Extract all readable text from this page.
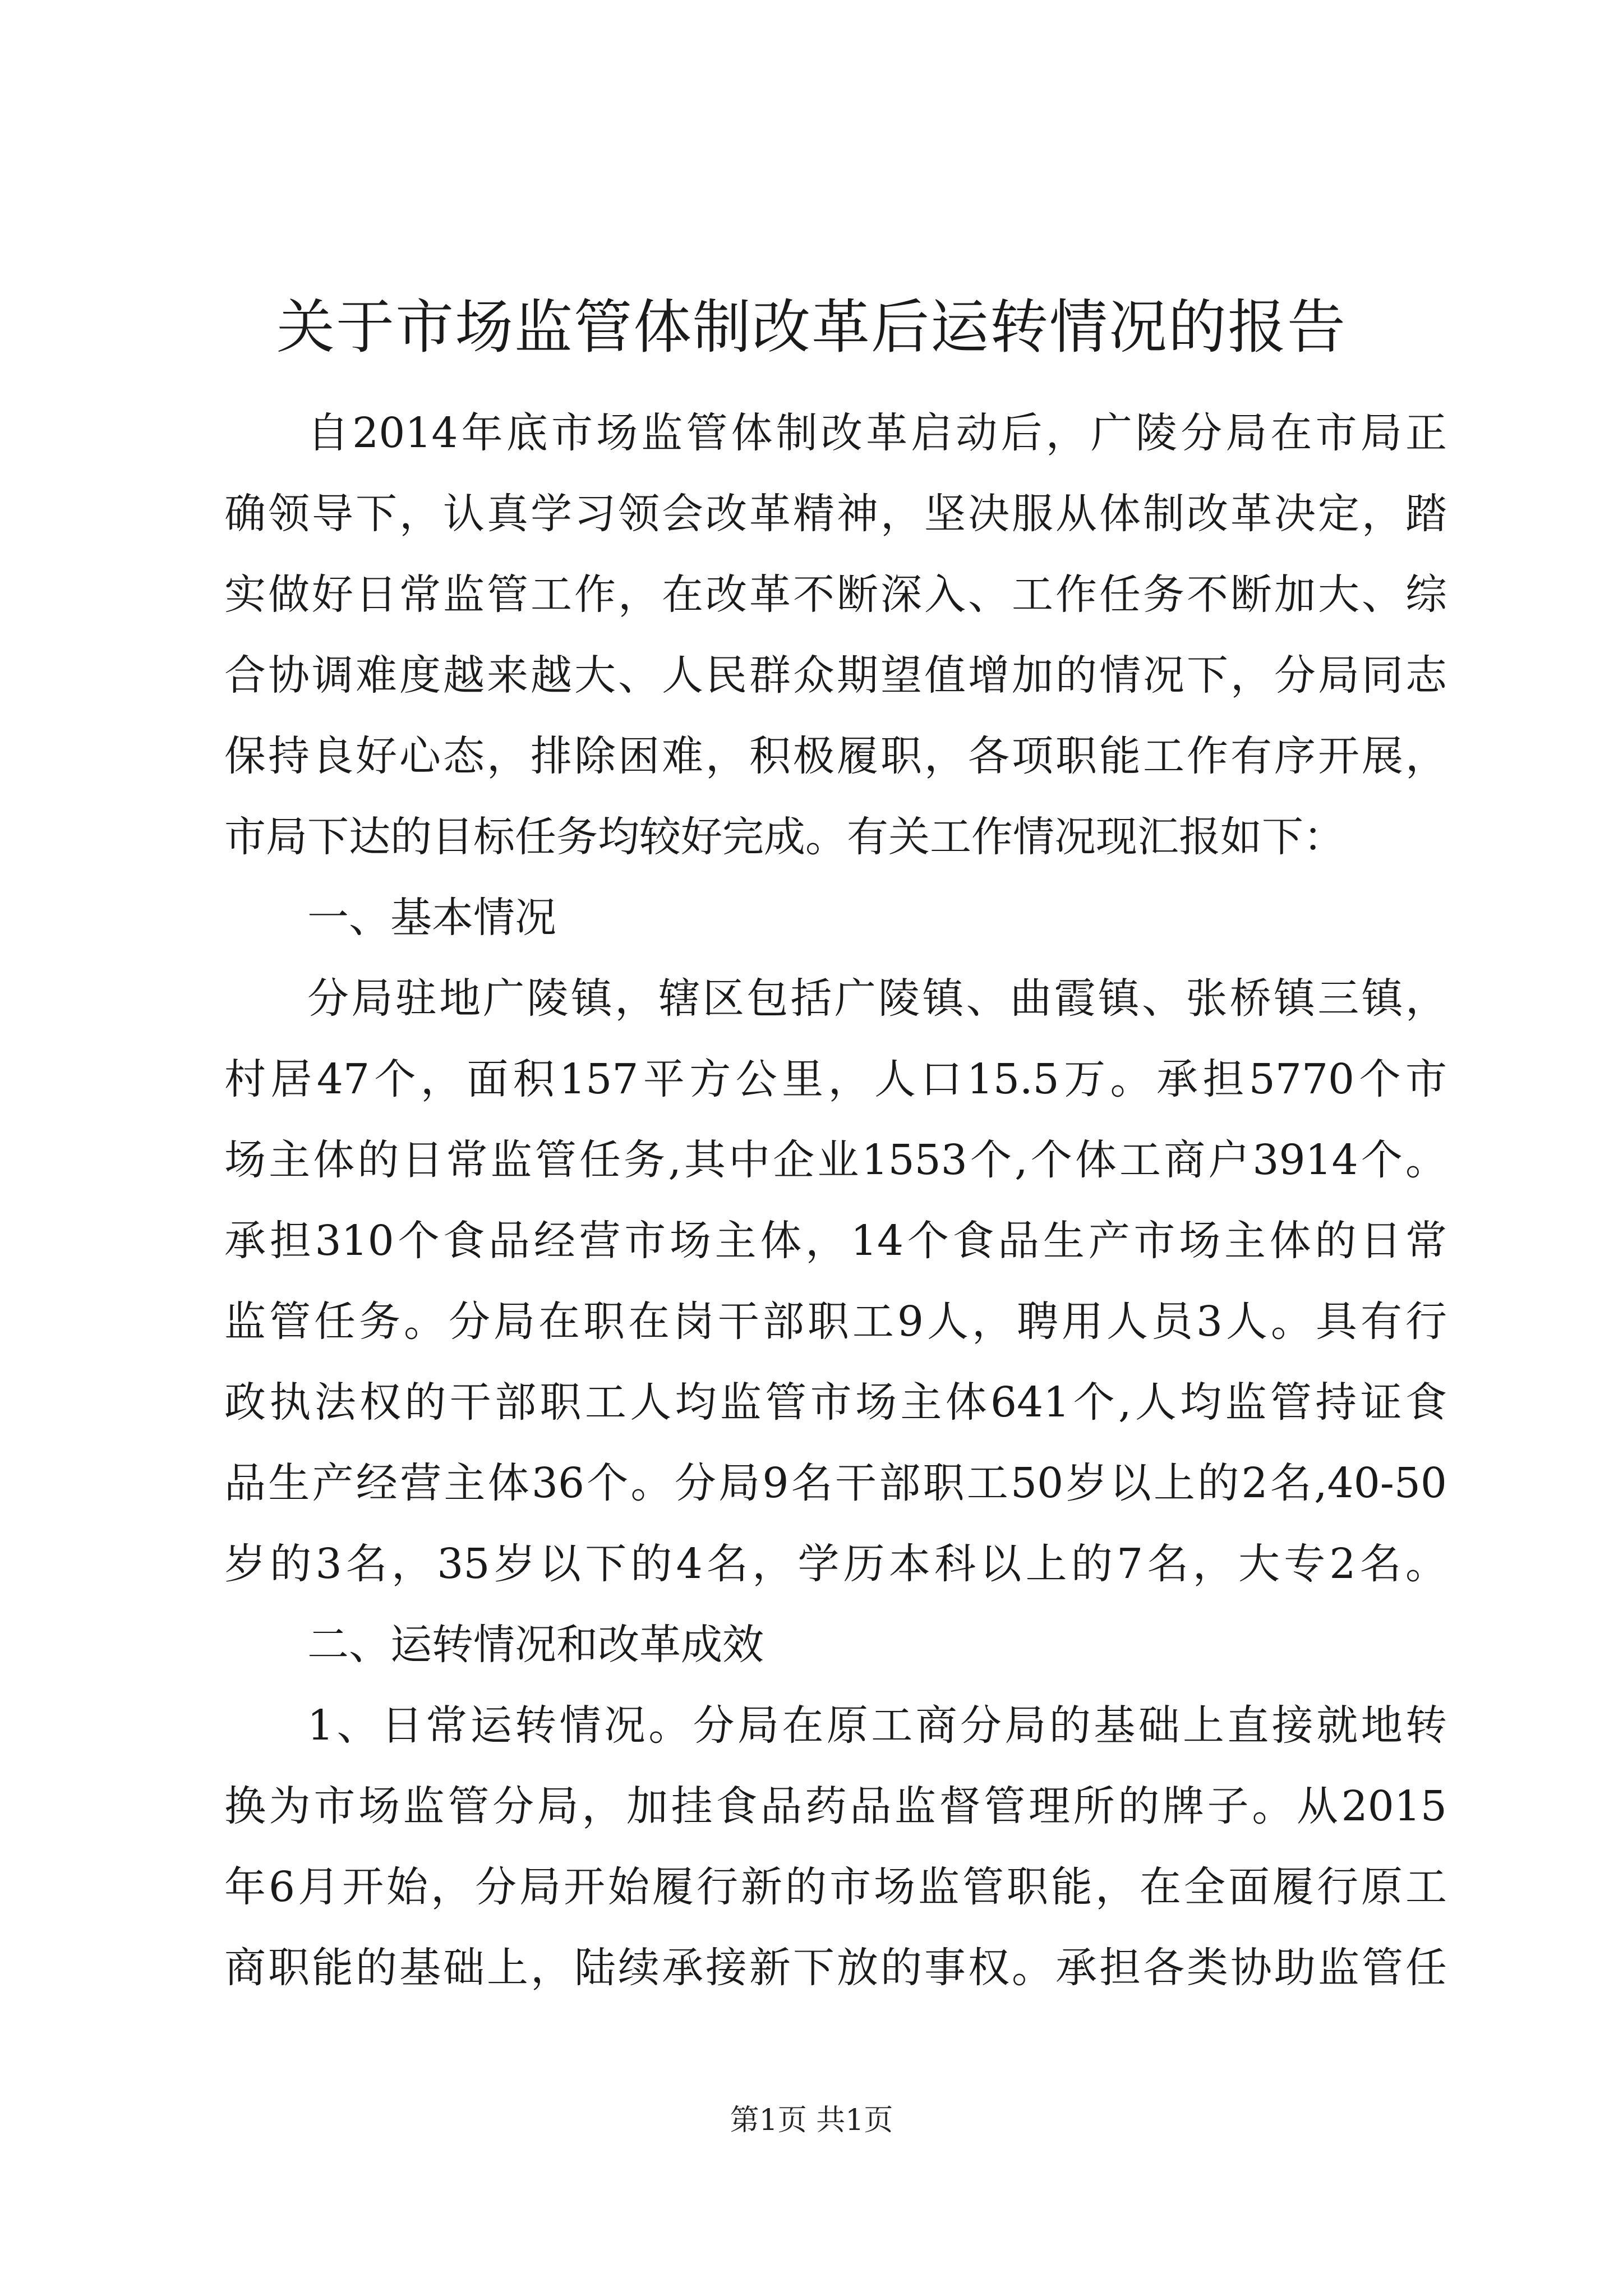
关于市场监管体制改革后运转情况的报告
自2014年底市场监管体制改革启动后，广陵分局在市局正
确领导下，认真学习领会改革精神，坚决服从体制改革决定，踏
实做好日常监管工作，在改革不断深入、工作任务不断加大、综
合协调难度越来越大、人民群众期望值增加的情况下，分局同志
保持良好心态，排除困难，积极履职，各项职能工作有序开展，
市局下达的目标任务均较好完成。有关工作情况现汇报如下：
一、基本情况
分局驻地广陵镇，辖区包括广陵镇、曲霞镇、张桥镇三镇，
村居47个，面积157平方公里，人口15.5万。承担5770个市
场主体的日常监管任务,其中企业1553个,个体工商户3914个。
承担310个食品经营市场主体，14个食品生产市场主体的日常
监管任务。分局在职在岗干部职工9人，聘用人员3人。具有行
政执法权的干部职工人均监管市场主体641个,人均监管持证食
品生产经营主体36个。分局9名干部职工50岁以上的2名,40-50
岁的3名，35岁以下的4名，学历本科以上的7名，大专2名。
二、运转情况和改革成效
1、日常运转情况。分局在原工商分局的基础上直接就地转
换为市场监管分局，加挂食品药品监督管理所的牌子。从2015
年6月开始，分局开始履行新的市场监管职能，在全面履行原工
商职能的基础上，陆续承接新下放的事权。承担各类协助监管任
第1页 共1页
